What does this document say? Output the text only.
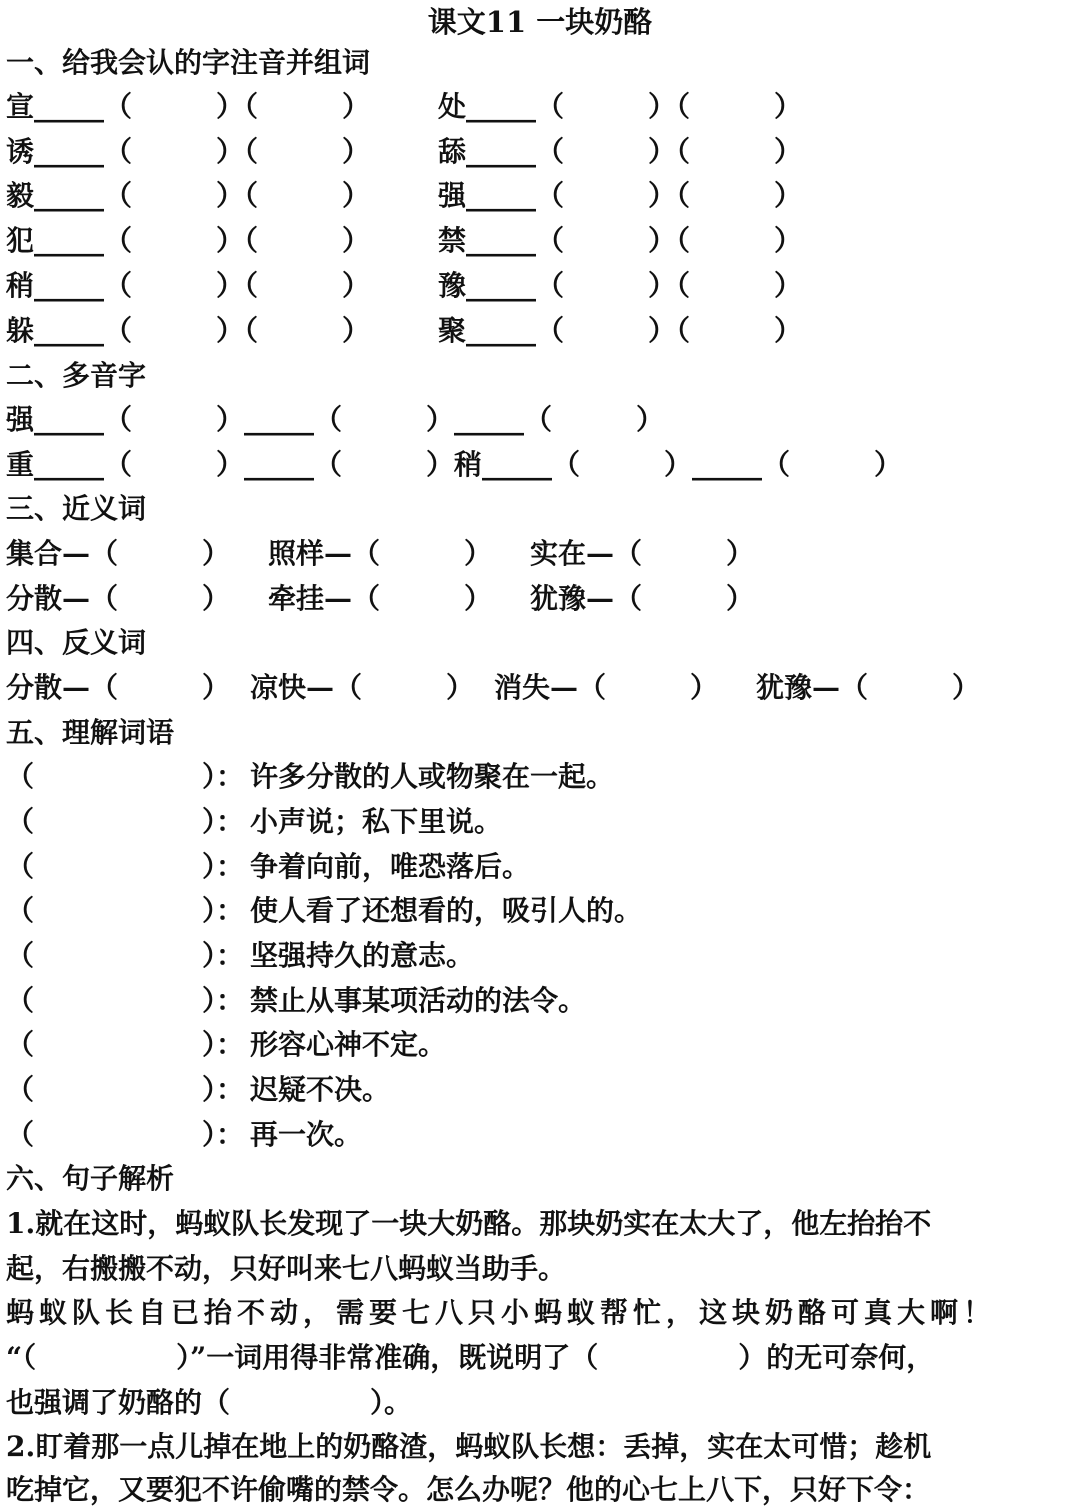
课文11 一块奶酪
一、给我会认的字注音并组词
宣_____（　　　）（　　　）	处_____（　　　）（　　　）
诱_____（　　　）（　　　）	舔_____（　　　）（　　　）
毅_____（　　　）（　　　）	强_____（　　　）（　　　）
犯_____（　　　）（　　　）	禁_____（　　　）（　　　）
稍_____（　　　）（　　　）	豫_____（　　　）（　　　）
躲_____（　　　）（　　　）	聚_____（　　　）（　　　）
二、多音字
强_____（　　　）_____（　　　）_____（　　　）
重_____（　　　）_____（　　　）稍_____（　　　）_____（　　　）
三、近义词
集合—（　　　）	照样—（　　　）	实在—（　　　）
分散—（　　　）	牵挂—（　　　）	犹豫—（　　　）
四、反义词
分散—（　　　） 凉快—（　　　） 消失—（　　　）	犹豫—（　　　）
五、理解词语
（　　　　　　）： 许多分散的人或物聚在一起。
（　　　　　　）： 小声说；私下里说。
（　　　　　　）： 争着向前，唯恐落后。
（　　　　　　）： 使人看了还想看的，吸引人的。
（　　　　　　）： 坚强持久的意志。
（　　　　　　）： 禁止从事某项活动的法令。
（　　　　　　）： 形容心神不定。
（　　　　　　）： 迟疑不决。
（　　　　　　）： 再一次。
六、句子解析
1.就在这时，蚂蚁队长发现了一块大奶酪。那块奶实在太大了，他左抬抬不
起，右搬搬不动，只好叫来七八蚂蚁当助手。
蚂蚁队长自已抬不动，需要七八只小蚂蚁帮忙，这块奶酪可真大啊！
“（　　　　　）”一词用得非常准确，既说明了（　　　　　）的无可奈何，
也强调了奶酪的（　　　　　）。
2.盯着那一点儿掉在地上的奶酪渣，蚂蚁队长想：丢掉，实在太可惜；趁机
吃掉它，又要犯不许偷嘴的禁令。怎么办呢？他的心七上八下，只好下令：
